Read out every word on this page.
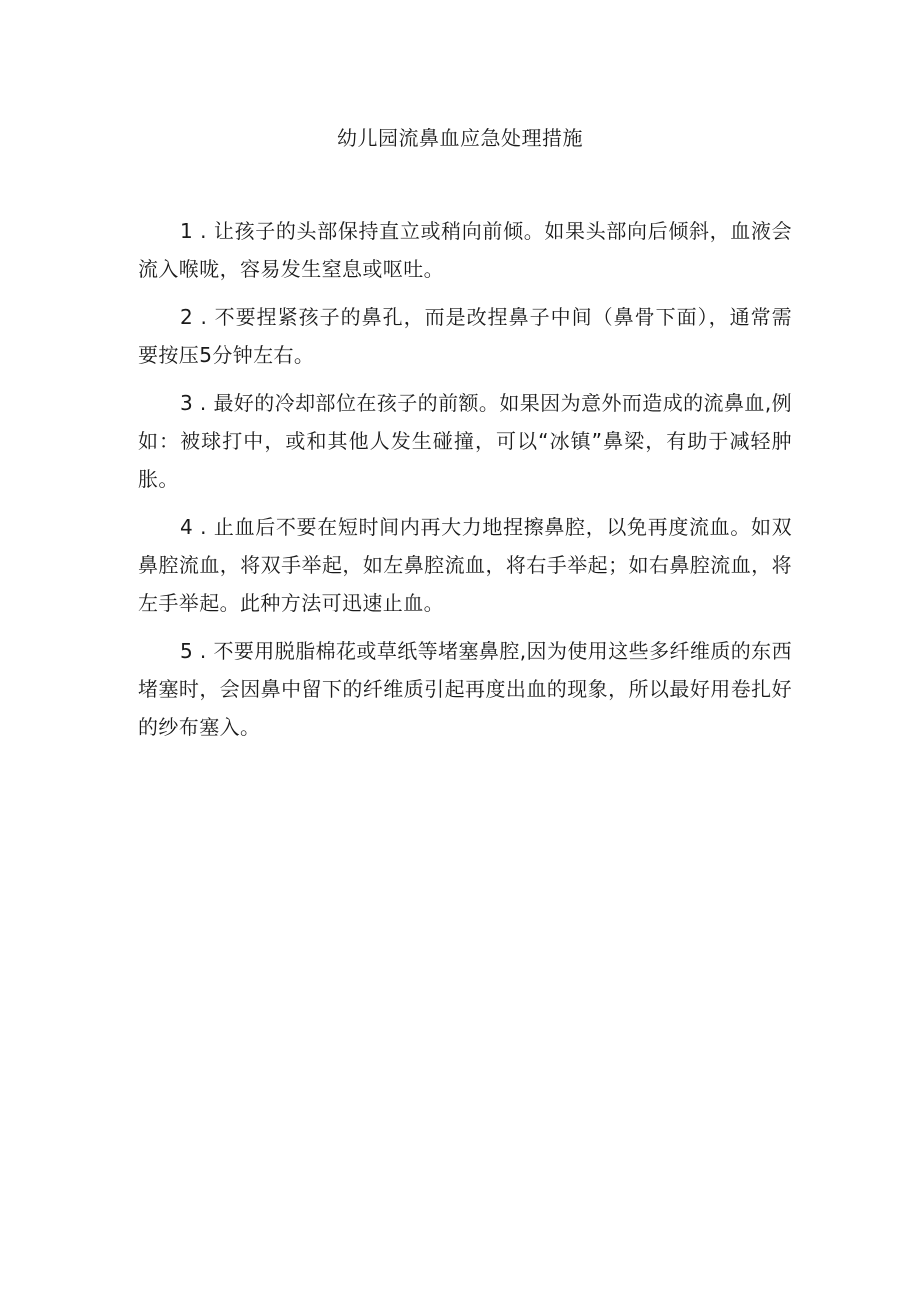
幼儿园流鼻血应急处理措施

1 . 让孩子的头部保持直立或稍向前倾。如果头部向后倾斜，血液会流入喉咙，容易发生窒息或呕吐。

2 . 不要捏紧孩子的鼻孔，而是改捏鼻子中间（鼻骨下面），通常需要按压5分钟左右。

3 . 最好的冷却部位在孩子的前额。如果因为意外而造成的流鼻血,例如：被球打中，或和其他人发生碰撞，可以“冰镇”鼻梁，有助于减轻肿胀。

4 . 止血后不要在短时间内再大力地捏擦鼻腔，以免再度流血。如双鼻腔流血，将双手举起，如左鼻腔流血，将右手举起；如右鼻腔流血，将左手举起。此种方法可迅速止血。

5 . 不要用脱脂棉花或草纸等堵塞鼻腔,因为使用这些多纤维质的东西堵塞时，会因鼻中留下的纤维质引起再度出血的现象，所以最好用卷扎好的纱布塞入。
